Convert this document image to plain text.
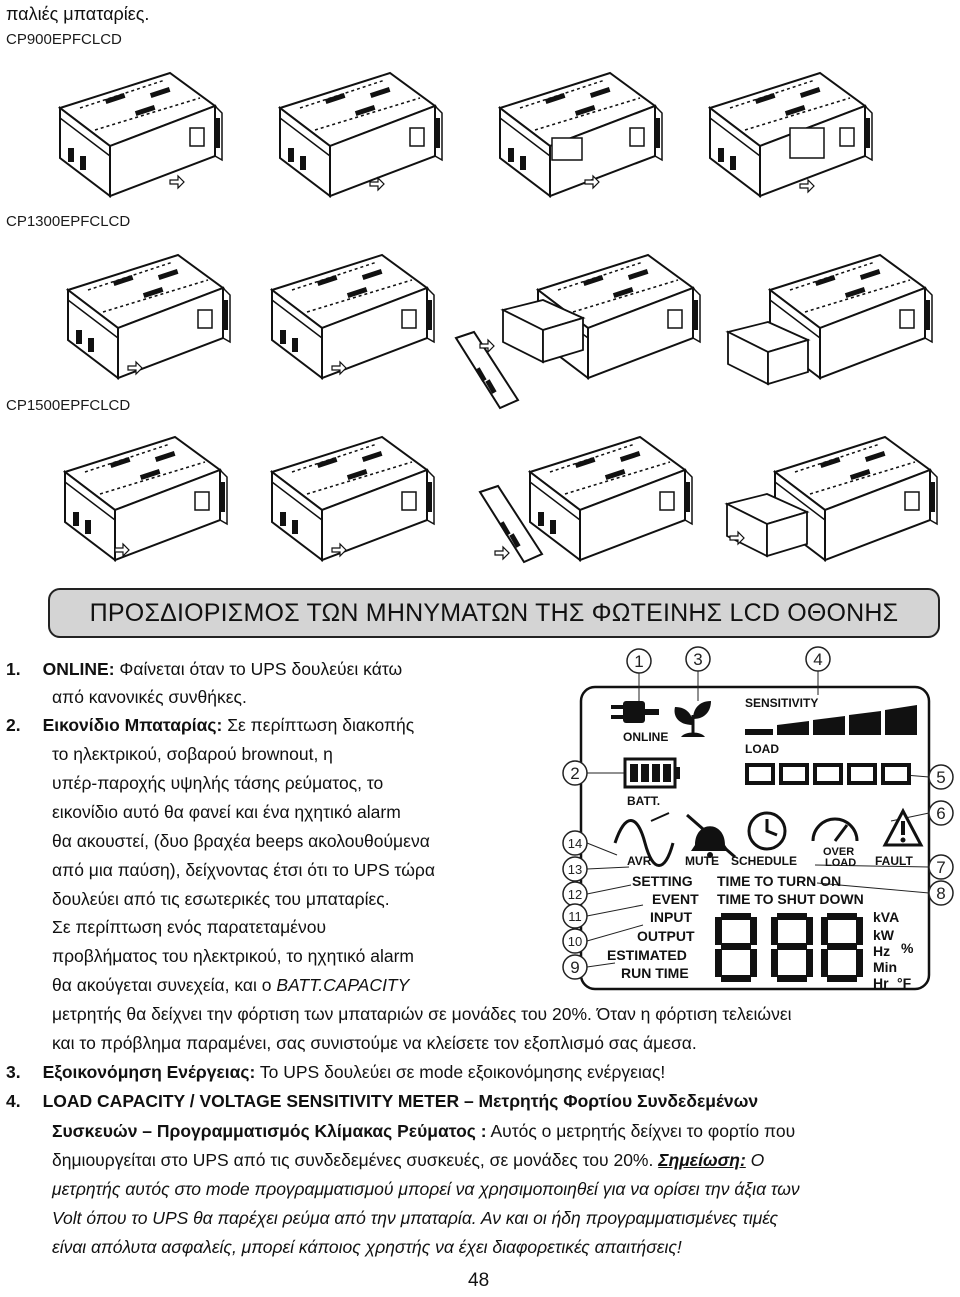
παλιές μπαταρίες.
CP900EPFCLCD
CP1300EPFCLCD
CP1500EPFCLCD
ΠΡΟΣΔΙΟΡΙΣΜΟΣ ΤΩΝ ΜΗΝΥΜΑΤΩΝ ΤΗΣ ΦΩΤΕΙΝΗΣ LCD ΟΘΟΝΗΣ
1. ONLINE: Φαίνεται όταν το UPS δουλεύει κάτω
από κανονικές συνθήκες.
2. Εικονίδιο Μπαταρίας: Σε περίπτωση διακοπής
το ηλεκτρικού, σοβαρού brownout, η
υπέρ-παροχής υψηλής τάσης ρεύματος, το
εικονίδιο αυτό θα φανεί και ένα ηχητικό alarm
θα ακουστεί, (δυο βραχέα beeps ακολουθούμενα
από μια παύση), δείχνοντας έτσι ότι το UPS τώρα
δουλεύει από τις εσωτερικές του μπαταρίες.
Σε περίπτωση ενός παρατεταμένου
προβλήματος του ηλεκτρικού, το ηχητικό alarm
θα ακούγεται συνεχεία, και ο BATT.CAPACITY
μετρητής θα δείχνει την φόρτιση των μπαταριών σε μονάδες του 20%. Όταν η φόρτιση τελειώνει
και το πρόβλημα παραμένει, σας συνιστούμε να κλείσετε τον εξοπλισμό σας άμεσα.
3. Εξοικονόμηση Ενέργειας: Το UPS δουλεύει σε mode εξοικονόμησης ενέργειας!
4. LOAD CAPACITY / VOLTAGE SENSITIVITY METER – Μετρητής Φορτίου Συνδεδεμένων
Συσκευών – Προγραμματισμός Κλίμακας Ρεύματος : Αυτός ο μετρητής δείχνει το φορτίο που
δημιουργείται στο UPS από τις συνδεδεμένες συσκευές, σε μονάδες του 20%. Σημείωση: Ο
μετρητής αυτός στο mode προγραμματισμού μπορεί να χρησιμοποιηθεί για να ορίσει την άξια των
Volt όπου το UPS θα παρέχει ρεύμα από την μπαταρία. Αν και οι ήδη προγραμματισμένες τιμές
είναι απόλυτα ασφαλείς, μπορεί κάποιος χρηστής να έχει διαφορετικές απαιτήσεις!
48
1	3	4
2	5
6
14
13
12
11
10
9
7
8
ONLINE
SENSITIVITY
LOAD
BATT.
AVR	MUTE SCHEDULE
OVER
LOAD FAULT
SETTING TIME TO TURN ON
EVENT TIME TO SHUT DOWN
INPUT
OUTPUT
ESTIMATED
RUN TIME
kVA
kW
Hz %
Min
Hr °F
